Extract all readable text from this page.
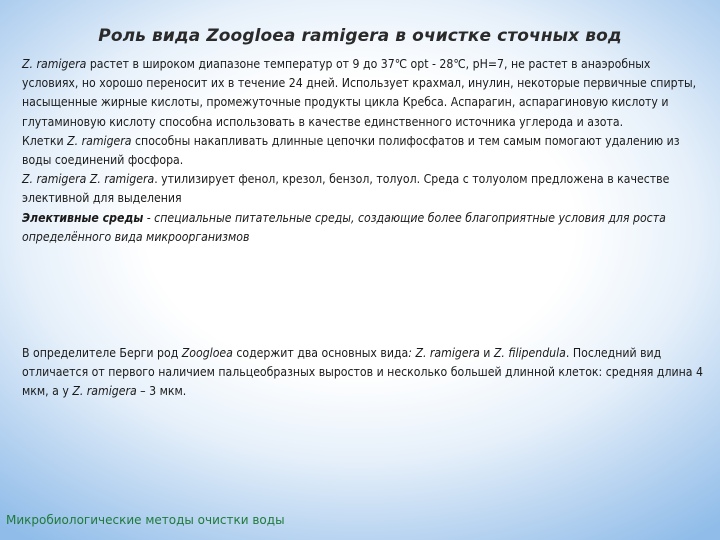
Роль вида Zoogloea ramigera в очистке сточных вод

Z. ramigera растет в широком диапазоне температур от 9 до 37℃ opt - 28℃, pH=7, не растет в анаэробных условиях, но хорошо переносит их в течение 24 дней. Использует крахмал, инулин, некоторые первичные спирты, насыщенные жирные кислоты, промежуточные продукты цикла Кребса. Аспарагин, аспарагиновую кислоту и глутаминовую кислоту способна использовать в качестве единственного источника углерода и азота.

Клетки Z. ramigera способны накапливать длинные цепочки полифосфатов и тем самым помогают удалению из воды соединений фосфора.

Z. ramigera Z. ramigera. утилизирует фенол, крезол, бензол, толуол. Среда с толуолом предложена в качестве элективной для выделения

Элективные среды - специальные питательные среды, создающие более благоприятные условия для роста определённого вида микроорганизмов

В определителе Берги род Zoogloea содержит два основных вида: Z. ramigera и Z. filipendula. Последний вид отличается от первого наличием пальцеобразных выростов и несколько большей длинной клеток: средняя длина 4 мкм, а у Z. ramigera – 3 мкм.

Микробиологические методы очистки воды
